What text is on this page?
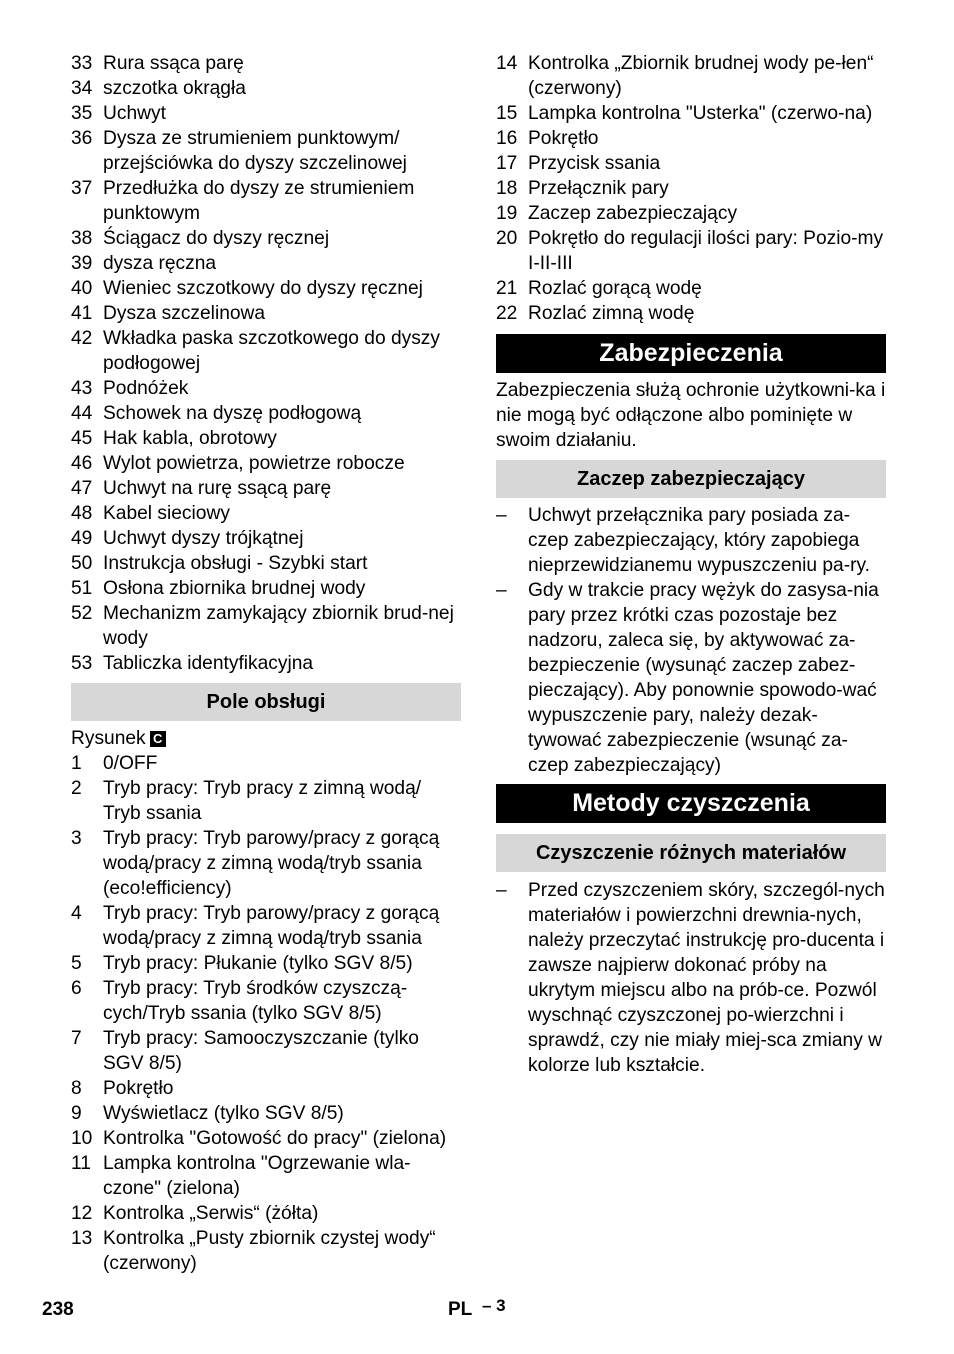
33 Rura ssąca parę
34 szczotka okrągła
35 Uchwyt
36 Dysza ze strumieniem punktowym/ przejściówka do dyszy szczelinowej
37 Przedłużka do dyszy ze strumieniem punktowym
38 Ściągacz do dyszy ręcznej
39 dysza ręczna
40 Wieniec szczotkowy do dyszy ręcznej
41 Dysza szczelinowa
42 Wkładka paska szczotkowego do dyszy podłogowej
43 Podnóżek
44 Schowek na dyszę podłogową
45 Hak kabla, obrotowy
46 Wylot powietrza, powietrze robocze
47 Uchwyt na rurę ssącą parę
48 Kabel sieciowy
49 Uchwyt dyszy trójkątnej
50 Instrukcja obsługi - Szybki start
51 Osłona zbiornika brudnej wody
52 Mechanizm zamykający zbiornik brud-nej wody
53 Tabliczka identyfikacyjna
Pole obsługi
Rysunek C
1	0/OFF
2	Tryb pracy: Tryb pracy z zimną wodą/ Tryb ssania
3	Tryb pracy: Tryb parowy/pracy z gorącą wodą/pracy z zimną wodą/tryb ssania (eco!efficiency)
4	Tryb pracy: Tryb parowy/pracy z gorącą wodą/pracy z zimną wodą/tryb ssania
5	Tryb pracy: Płukanie (tylko SGV 8/5)
6	Tryb pracy: Tryb środków czyszczą-cych/Tryb ssania (tylko SGV 8/5)
7	Tryb pracy: Samooczyszczanie (tylko SGV 8/5)
8	Pokrętło
9	Wyświetlacz (tylko SGV 8/5)
10 Kontrolka "Gotowość do pracy" (zielona)
11 Lampka kontrolna "Ogrzewanie wla-czone" (zielona)
12 Kontrolka „Serwis“ (żółta)
13 Kontrolka „Pusty zbiornik czystej wody“ (czerwony)
14 Kontrolka „Zbiornik brudnej wody pe-łen“ (czerwony)
15 Lampka kontrolna "Usterka" (czerwo-na)
16 Pokrętło
17 Przycisk ssania
18 Przełącznik pary
19 Zaczep zabezpieczający
20 Pokrętło do regulacji ilości pary: Pozio-my I-II-III
21 Rozlać gorącą wodę
22 Rozlać zimną wodę
Zabezpieczenia
Zabezpieczenia służą ochronie użytkowni-ka i nie mogą być odłączone albo pominięte w swoim działaniu.
Zaczep zabezpieczający
–	Uchwyt przełącznika pary posiada za-czep zabezpieczający, który zapobiega nieprzewidzianemu wypuszczeniu pa-ry.
–	Gdy w trakcie pracy wężyk do zasysa-nia pary przez krótki czas pozostaje bez nadzoru, zaleca się, by aktywować za-bezpieczenie (wysunąć zaczep zabez-pieczający). Aby ponownie spowodo-wać wypuszczenie pary, należy dezak-tywować zabezpieczenie (wsunąć za-czep zabezpieczający)
Metody czyszczenia
Czyszczenie różnych materiałów
–	Przed czyszczeniem skóry, szczegól-nych materiałów i powierzchni drewnia-nych, należy przeczytać instrukcję pro-ducenta i zawsze najpierw dokonać próby na ukrytym miejscu albo na prób-ce. Pozwól wyschnąć czyszczonej po-wierzchni i sprawdź, czy nie miały miej-sca zmiany w kolorze lub kształcie.
238	PL – 3
